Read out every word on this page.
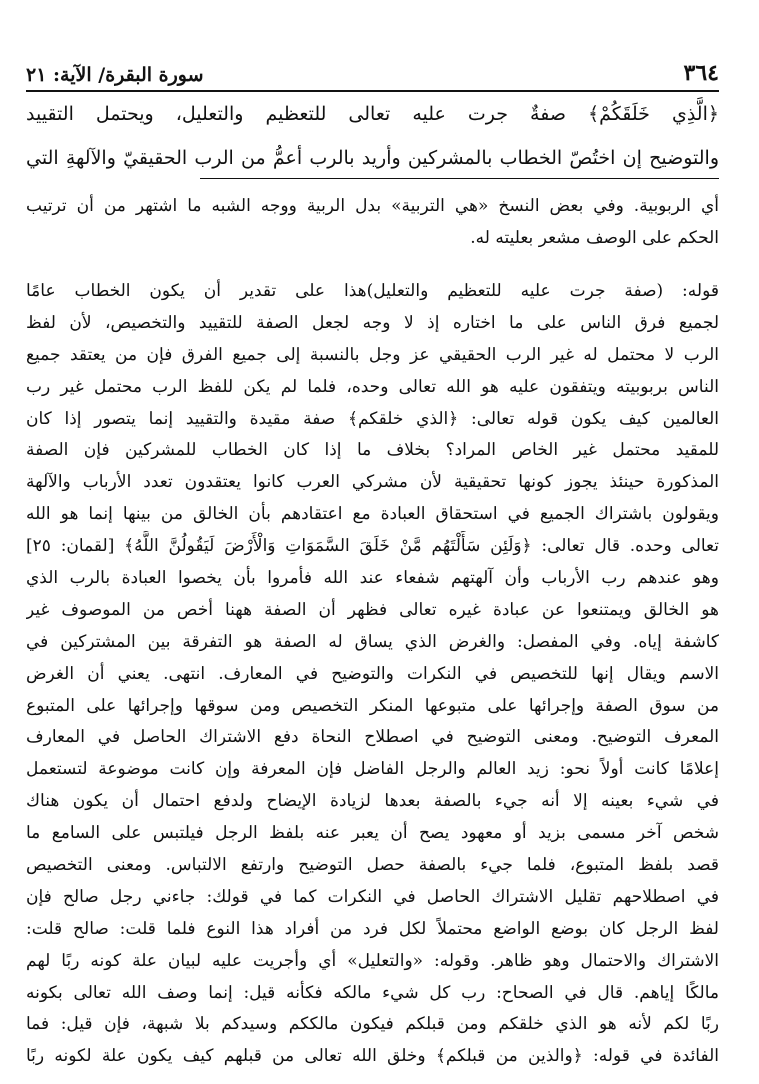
٣٦٤
سورة البقرة/ الآية: ٢١
﴿الَّذِي خَلَقَكُمْ﴾ صفةٌ جرت عليه تعالى للتعظيم والتعليل، ويحتمل التقييد
والتوضيح إن اختُصّ الخطاب بالمشركين وأريد بالرب أعمُّ من الرب الحقيقيّ والآلهةِ التي
أي الربوبية. وفي بعض النسخ «هي التربية» بدل الربية ووجه الشبه ما اشتهر من أن ترتيب
الحكم على الوصف مشعر بعليته له.
قوله: (صفة جرت عليه للتعظيم والتعليل)هذا على تقدير أن يكون الخطاب عامًا
لجميع فرق الناس على ما اختاره إذ لا وجه لجعل الصفة للتقييد والتخصيص، لأن لفظ
الرب لا محتمل له غير الرب الحقيقي عز وجل بالنسبة إلى جميع الفرق فإن من يعتقد جميع
الناس بربوبيته ويتفقون عليه هو الله تعالى وحده، فلما لم يكن للفظ الرب محتمل غير رب
العالمين كيف يكون قوله تعالى: ﴿الذي خلقكم﴾ صفة مقيدة والتقييد إنما يتصور إذا كان
للمقيد محتمل غير الخاص المراد؟ بخلاف ما إذا كان الخطاب للمشركين فإن الصفة
المذكورة حينئذ يجوز كونها تحقيقية لأن مشركي العرب كانوا يعتقدون تعدد الأرباب والآلهة
ويقولون باشتراك الجميع في استحقاق العبادة مع اعتقادهم بأن الخالق من بينها إنما هو الله
تعالى وحده. قال تعالى: ﴿وَلَئِن سَأَلْتَهُم مَّنْ خَلَقَ السَّمَوَاتِ وَالْأَرْضَ لَيَقُولُنَّ اللَّهُ﴾ [لقمان: ٢٥]
وهو عندهم رب الأرباب وأن آلهتهم شفعاء عند الله فأمروا بأن يخصوا العبادة بالرب الذي
هو الخالق ويمتنعوا عن عبادة غيره تعالى فظهر أن الصفة ههنا أخص من الموصوف غير
كاشفة إياه. وفي المفصل: والغرض الذي يساق له الصفة هو التفرقة بين المشتركين في
الاسم ويقال إنها للتخصيص في النكرات والتوضيح في المعارف. انتهى. يعني أن الغرض
من سوق الصفة وإجرائها على متبوعها المنكر التخصيص ومن سوقها وإجرائها على المتبوع
المعرف التوضيح. ومعنى التوضيح في اصطلاح النحاة دفع الاشتراك الحاصل في المعارف
إعلامًا كانت أولاً نحو: زيد العالم والرجل الفاضل فإن المعرفة وإن كانت موضوعة لتستعمل
في شيء بعينه إلا أنه جيء بالصفة بعدها لزيادة الإيضاح ولدفع احتمال أن يكون هناك
شخص آخر مسمى بزيد أو معهود يصح أن يعبر عنه بلفظ الرجل فيلتبس على السامع ما
قصد بلفظ المتبوع، فلما جيء بالصفة حصل التوضيح وارتفع الالتباس. ومعنى التخصيص
في اصطلاحهم تقليل الاشتراك الحاصل في النكرات كما في قولك: جاءني رجل صالح فإن
لفظ الرجل كان بوضع الواضع محتملاً لكل فرد من أفراد هذا النوع فلما قلت: صالح قلت:
الاشتراك والاحتمال وهو ظاهر. وقوله: «والتعليل» أي وأجريت عليه لبيان علة كونه ربًا لهم
مالكًا إياهم. قال في الصحاح: رب كل شيء مالكه فكأنه قيل: إنما وصف الله تعالى بكونه
ربًا لكم لأنه هو الذي خلقكم ومن قبلكم فيكون مالككم وسيدكم بلا شبهة، فإن قيل: فما
الفائدة في قوله: ﴿والذين من قبلكم﴾ وخلق الله تعالى من قبلهم كيف يكون علة لكونه ربًا
